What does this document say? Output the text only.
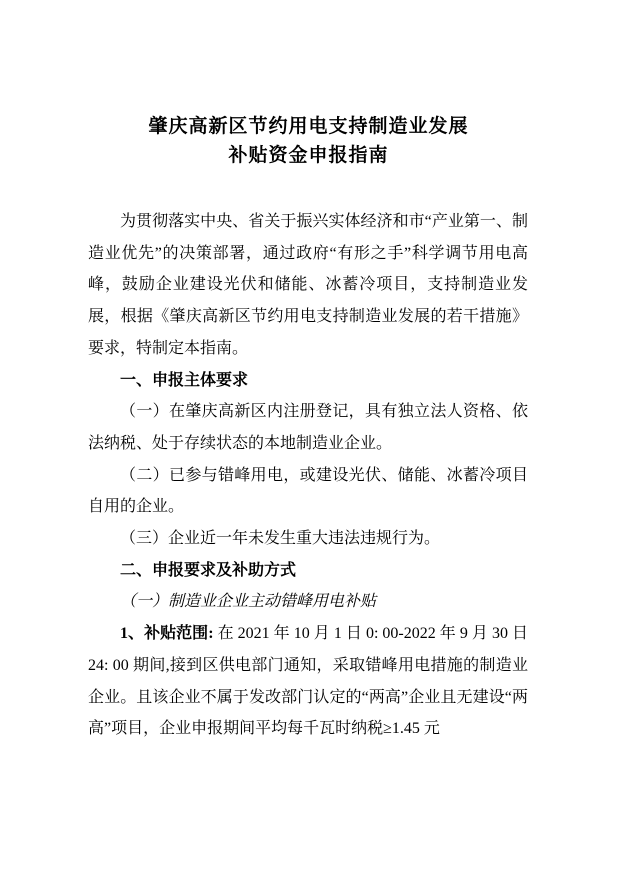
肇庆高新区节约用电支持制造业发展
补贴资金申报指南

为贯彻落实中央、省关于振兴实体经济和市“产业第一、制造业优先”的决策部署，通过政府“有形之手”科学调节用电高峰，鼓励企业建设光伏和储能、冰蓄冷项目，支持制造业发展，根据《肇庆高新区节约用电支持制造业发展的若干措施》要求，特制定本指南。

一、申报主体要求

（一）在肇庆高新区内注册登记，具有独立法人资格、依法纳税、处于存续状态的本地制造业企业。

（二）已参与错峰用电，或建设光伏、储能、冰蓄冷项目自用的企业。

（三）企业近一年未发生重大违法违规行为。

二、申报要求及补助方式

（一）制造业企业主动错峰用电补贴

1、补贴范围: 在 2021 年 10 月 1 日 0: 00-2022 年 9 月 30 日 24: 00 期间,接到区供电部门通知，采取错峰用电措施的制造业企业。且该企业不属于发改部门认定的“两高”企业且无建设“两高”项目，企业申报期间平均每千瓦时纳税≥1.45 元
